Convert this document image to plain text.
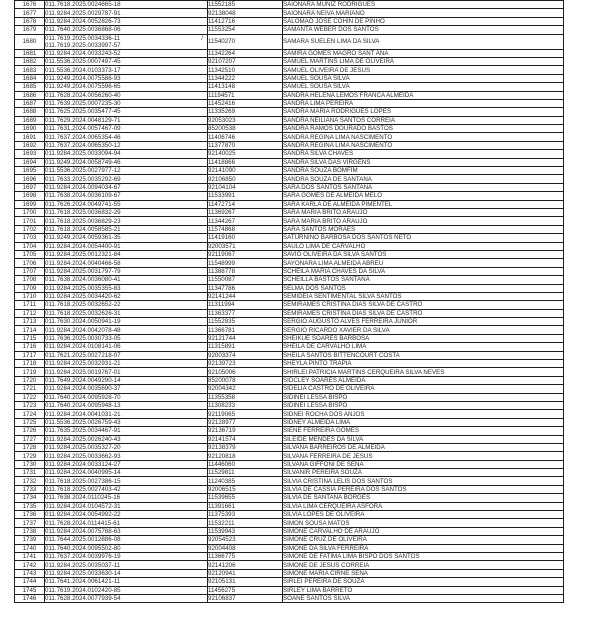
1676	011.7618.2025.0024665-18	11552185	SAIONARA MUNIZ RODRIGUES
1677	011.9284.2025.0029787-91	92138048	SAIONARA NEIVA MARIANO
1678	011.9284.2024.0052826-73	11412716	SALOMAO JOSE COHIN DE PINHO
1679	011.7640.2025.0036868-06	11553254	SAMANTA WEBER DOS SANTOS
1680	011.7619.2025.0034336-11 /
011.7619.2025.0033997-57	11540270	SAMARA SUELEN LIMA DA SILVA
1681	011.9284.2024.0033243-52	11342264	SAMIRA GOMES MAGRO SANT ANA
1682	011.5536.2025.0007497-45	92107207	SAMUEL MARTINS LIMA DE OLIVEIRA
1683	011.5536.2024.0103373-17	11342510	SAMUEL OLIVEIRA DE JESUS
1684	011.9249.2024.0075586-93	11344222	SAMUEL SOUSA SILVA
1685	011.9249.2024.0075596-65	11413148	SAMUEL SOUSA SILVA
1686	011.7628.2024.0056260-40	11194571	SANDRA HELENA LEMOS FRANCA ALMEIDA
1687	011.7639.2025.0007235-30	11452416	SANDRA LIMA PEREIRA
1688	011.7625.2025.0035477-45	11335269	SANDRA MARIA RODRIGUES LOPES
1689	011.7629.2024.0048129-71	92053023	SANDRA NEILIANA SANTOS CORREIA
1690	011.7631.2024.0057467-09	85200538	SANDRA RAMOS DOURADO BASTOS
1691	011.7637.2024.0065354-46	11406746	SANDRA REGINA LIMA NASCIMENTO
1692	011.7637.2024.0065350-12	11377870	SANDRA REGINA LIMA NASCIMENTO
1693	011.9284.2025.0033094-94	92140025	SANDRA SILVA CHAVES
1694	011.9249.2024.0058749-46	11418866	SANDRA SILVA DAS VIRGENS
1695	011.5536.2025.0027977-12	92141090	SANDRA SOUZA BOMFIM
1696	011.7633.2025.0035292-69	92106850	SANDRA SOUZA DE SANTANA
1697	011.9284.2024.0094034-67	92104104	SARA DOS SANTOS SANTANA
1698	011.7638.2024.0036109-67	11533991	SARA GOMES DE ALMEIDA MELO
1699	011.7626.2024.0049741-55	11472714	SARA KARLA DE ALMEIDA PIMENTEL
1700	011.7618.2025.0036832-29	11369267	SARA MARIA BRITO ARAUJO
1701	011.7618.2025.0036829-23	11344267	SARA MARIA BRITO ARAUJO
1702	011.7618.2024.0058585-21	11574868	SARA SANTOS MORAES
1703	011.9249.2024.0059361-35	11419160	SATURNINO BARBOSA DOS SANTOS NETO
1704	011.9284.2024.0054400-91	92003571	SAULO LIMA DE CARVALHO
1705	011.9284.2025.0012321-84	92119067	SAVIO OLIVEIRA DA SILVA SANTOS
1706	011.9284.2024.0040466-58	11548999	SAYONARA LIMA ALMEIDA ABREU
1707	011.9284.2025.0031797-79	11388778	SCHEILA MARIA CHAVES DA SILVA
1708	011.7638.2024.0036080-41	11550087	SCHEILLA BASTOS SANTANA
1709	011.9284.2025.0035355-83	11347786	SELMA DOS SANTOS
1710	011.9284.2025.0034420-62	92141244	SEMIDEIA SENTIMENTAL SILVA SANTOS
1711	011.7618.2025.0032652-22	11311994	SEMIRAMES CRISTINA DIAS SILVA DE CASTRO
1712	011.7618.2025.0032626-31	11363377	SEMIRAMES CRISTINA DIAS SILVA DE CASTRO
1713	011.7630.2024.0050941-19	11552835	SERGIO AUGUSTO ALVES FERREIRA JUNIOR
1714	011.9284.2024.0042078-48	11366781	SERGIO RICARDO XAVIER DA SILVA
1715	011.7636.2025.0030733-05	92121744	SHEIKUE SOARES BARBOSA
1716	011.9284.2024.0108141-06	11315891	SHEILA DE CARVALHO LIMA
1717	011.7621.2025.0027218-07	92003374	SHEILA SANTOS BITTENCOURT COSTA
1718	011.9284.2025.0032931-21	92139723	SHEYLA PINTO TRAPIA
1719	011.9284.2025.0019767-01	92105006	SHIRLEI PATRICIA MARTINS CERQUEIRA SILVA NEVES
1720	011.7649.2024.0049290-14	85200078	SIDCLEY SOARES ALMEIDA
1721	011.9284.2024.0035690-37	92004342	SIDELIA CASTRO DE OLIVEIRA
1722	011.7640.2024.0095928-70	11355358	SIDINEI LESSA BISPO
1723	011.7640.2024.0095948-13	11308233	SIDINEI LESSA BISPO
1724	011.9284.2024.0041031-21	92119065	SIDNEI ROCHA DOS ANJOS
1725	011.5536.2025.0026759-43	92128977	SIDNEY ALMEIDA LIMA
1726	011.7635.2025.0034467-91	92136719	SIENE FERREIRA GOMES
1727	011.9284.2025.0026240-43	92141574	SILEIDE MENDES DA SILVA
1728	011.9284.2025.0035327-20	92138379	SILVANA BARREIROS DE ALMEIDA
1729	011.9284.2025.0033662-93	92120818	SILVANA FERREIRA DE JESUS
1730	011.9284.2024.0033124-27	11446060	SILVANA GIFFONI DE SENA
1731	011.9284.2024.0040995-14	11529811	SILVANIR PEREIRA SOUZA
1732	011.7618.2025.0027386-15	11240385	SILVIA CRISTINA LELIS DOS SANTOS
1733	011.7618.2025.0027403-42	92006515	SILVIA DE CASSIA PEREIRA DOS SANTOS
1734	011.7638.2024.0110245-16	11539655	SILVIA DE SANTANA BORGES
1735	011.9284.2024.0104572-31	11391661	SILVIA LIMA CERQUEIRA ASFORA
1736	011.9284.2024.0054992-22	11375393	SILVIA LOPES DE OLIVEIRA
1737	011.7628.2024.0114415-61	11532211	SIMON SOUSA MATOS
1738	011.9284.2024.0075788-63	11539943	SIMONE CARVALHO DE ARAUJO
1739	011.7644.2025.0012886-08	92054523	SIMONE CRUZ DE OLIVEIRA
1740	011.7640.2024.0095502-80	92004408	SIMONE DA SILVA FERREIRA
1741	011.7637.2024.0039976-19	11366775	SIMONE DE FATIMA LIMA BISPO DOS SANTOS
1742	011.9284.2025.0035037-11	92141206	SIMONE DE JESUS CORREIA
1743	011.9284.2025.0033630-14	92120941	SIMONE MARIA CIRNE SENA
1744	011.7641.2024.0061421-11	92105131	SIRLEI PEREIRA DE SOUZA
1745	011.7619.2024.0102420-85	11456275	SIRLEY LIMA BARRETO
1746	011.7628.2024.0077939-54	92106837	SOANE SANTOS SILVA
